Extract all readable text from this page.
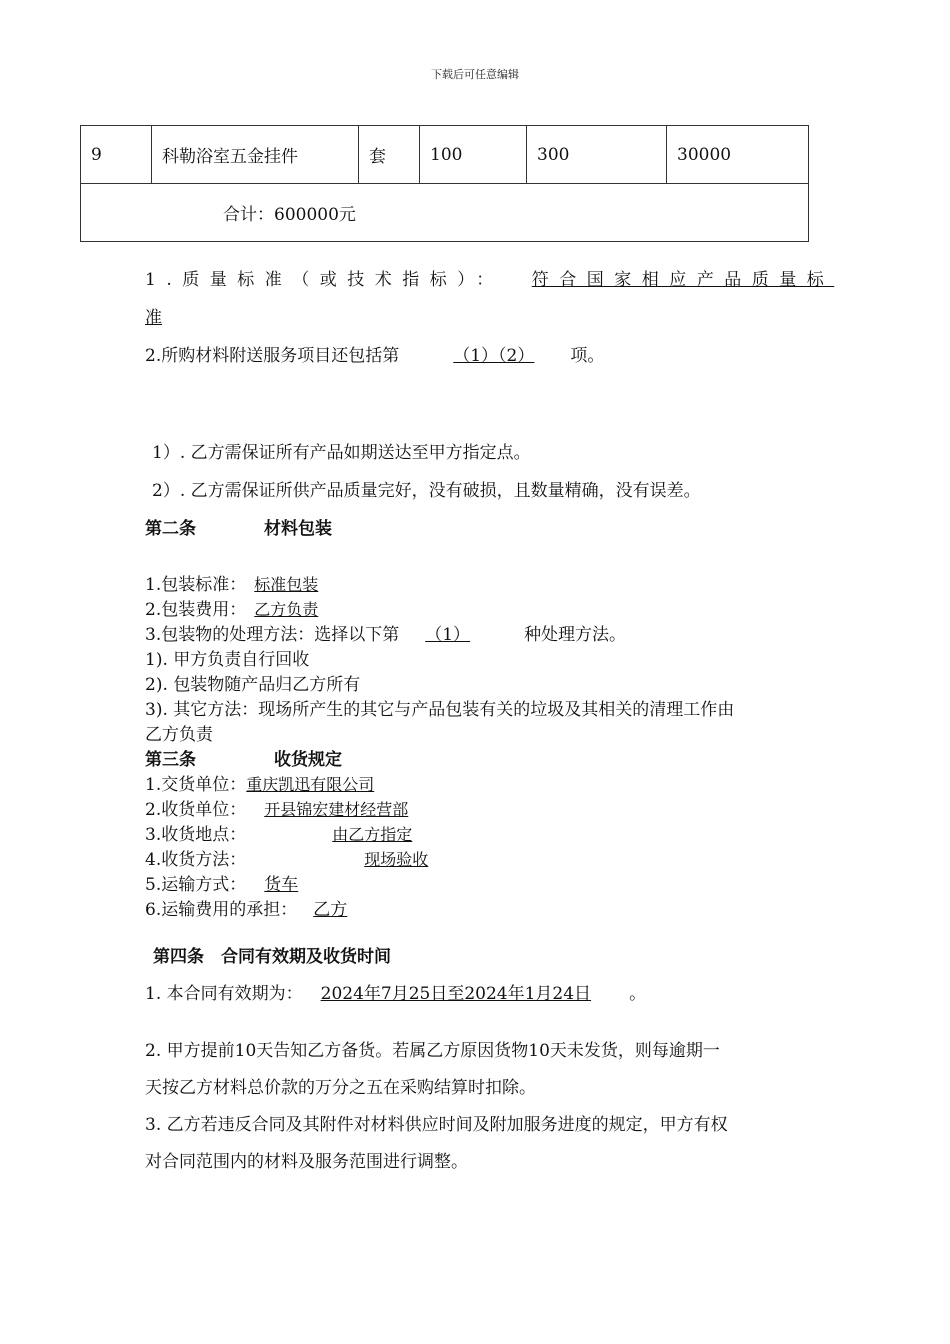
下载后可任意编辑
9	科勒浴室五金挂件	套	100	300	30000
合计：600000元
1.质量标准（或技术指标）： 符合国家相应产品质量标
准
2.所购材料附送服务项目还包括第	（1）（2） 项。
1）. 乙方需保证所有产品如期送达至甲方指定点。
2）. 乙方需保证所供产品质量完好，没有破损，且数量精确，没有误差。
第二条	材料包装
1.包装标准： 标准包装
2.包装费用： 乙方负责
3.包装物的处理方法：选择以下第 （1）	种处理方法。
1). 甲方负责自行回收
2). 包装物随产品归乙方所有
3). 其它方法：现场所产生的其它与产品包装有关的垃圾及其相关的清理工作由
乙方负责
第三条	收货规定
1.交货单位：重庆凯迅有限公司
2.收货单位： 开县锦宏建材经营部
3.收货地点：	由乙方指定
4.收货方法：	现场验收
5.运输方式： 货车
6.运输费用的承担： 乙方
第四条　合同有效期及收货时间
1. 本合同有效期为： 2024年7月25日至2024年1月24日 。
2. 甲方提前10天告知乙方备货。若属乙方原因货物10天未发货，则每逾期一
天按乙方材料总价款的万分之五在采购结算时扣除。
3. 乙方若违反合同及其附件对材料供应时间及附加服务进度的规定，甲方有权
对合同范围内的材料及服务范围进行调整。
